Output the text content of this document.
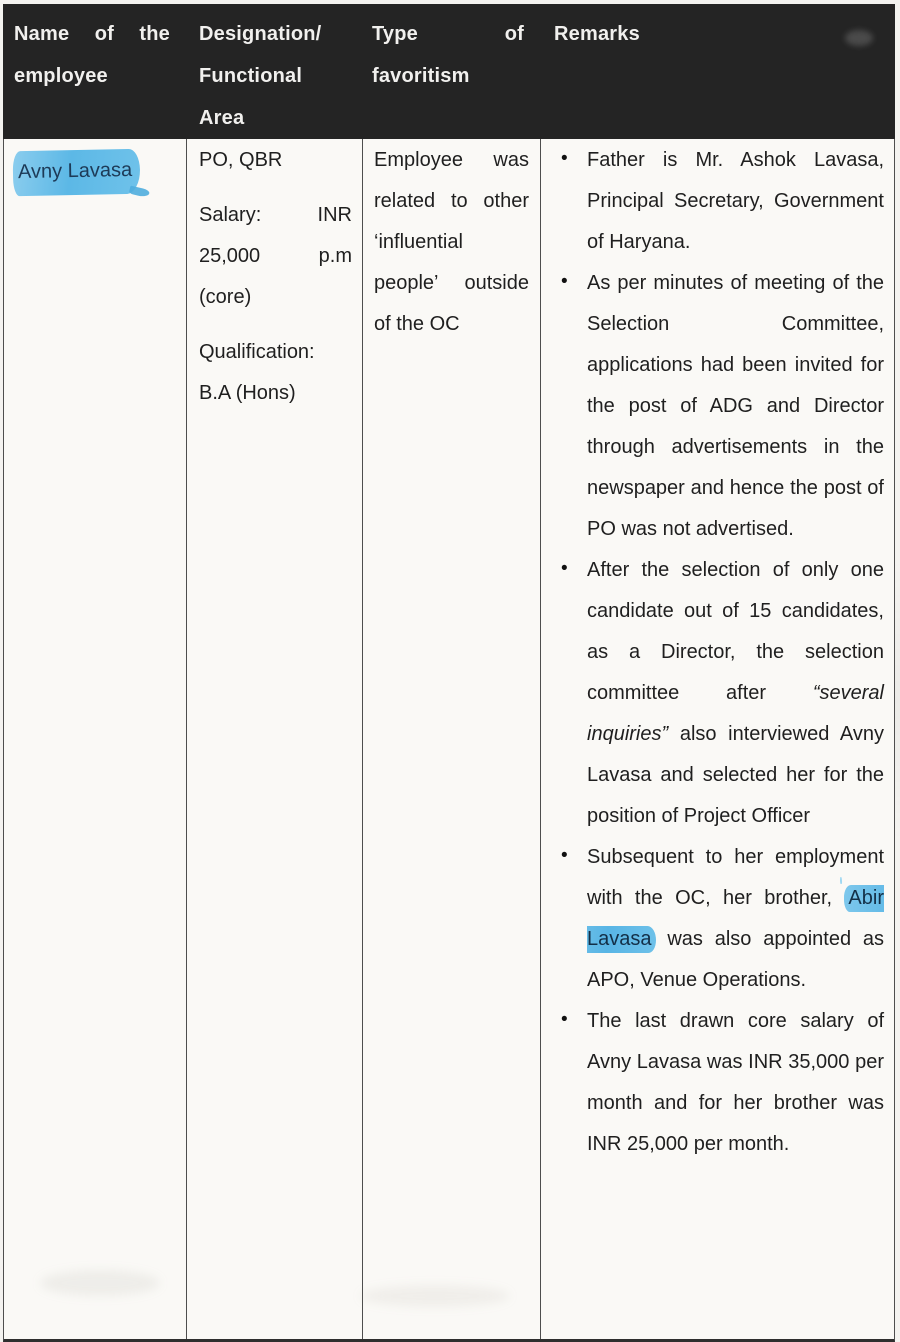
Name of the employee
Designation/ Functional Area
Type of favoritism
Remarks
Avny Lavasa	PO, QBR

Salary: INR 25,000 p.m (core)

Qualification: B.A (Hons)

Employee was related to other ‘influential people’ outside of the OC

• Father is Mr. Ashok Lavasa, Principal Secretary, Government of Haryana.
• As per minutes of meeting of the Selection Committee, applications had been invited for the post of ADG and Director through advertisements in the newspaper and hence the post of PO was not advertised.
• After the selection of only one candidate out of 15 candidates, as a Director, the selection committee after “several inquiries” also interviewed Avny Lavasa and selected her for the position of Project Officer
• Subsequent to her employment with the OC, her brother, Abir Lavasa was also appointed as APO, Venue Operations.
• The last drawn core salary of Avny Lavasa was INR 35,000 per month and for her brother was INR 25,000 per month.
